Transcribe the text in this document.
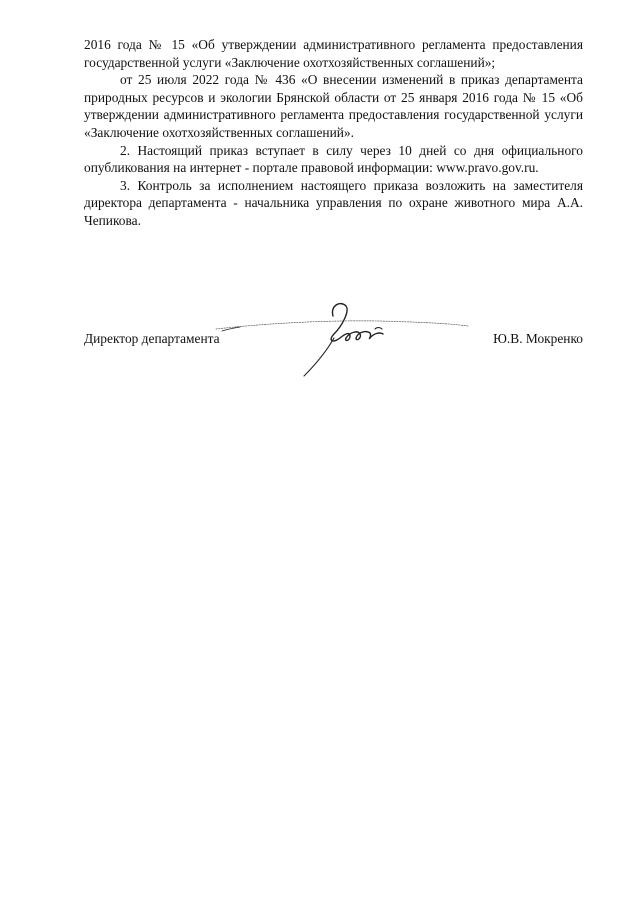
2016 года № 15 «Об утверждении административного регламента предоставления государственной услуги «Заключение охотхозяйственных соглашений»;

от 25 июля 2022 года № 436 «О внесении изменений в приказ департамента природных ресурсов и экологии Брянской области от 25 января 2016 года № 15 «Об утверждении административного регламента предоставления государственной услуги «Заключение охотхозяйственных соглашений».

2. Настоящий приказ вступает в силу через 10 дней со дня официального опубликования на интернет - портале правовой информации: www.pravo.gov.ru.

3. Контроль за исполнением настоящего приказа возложить на заместителя директора департамента - начальника управления по охране животного мира А.А. Чепикова.

Директор департамента	Ю.В. Мокренко
